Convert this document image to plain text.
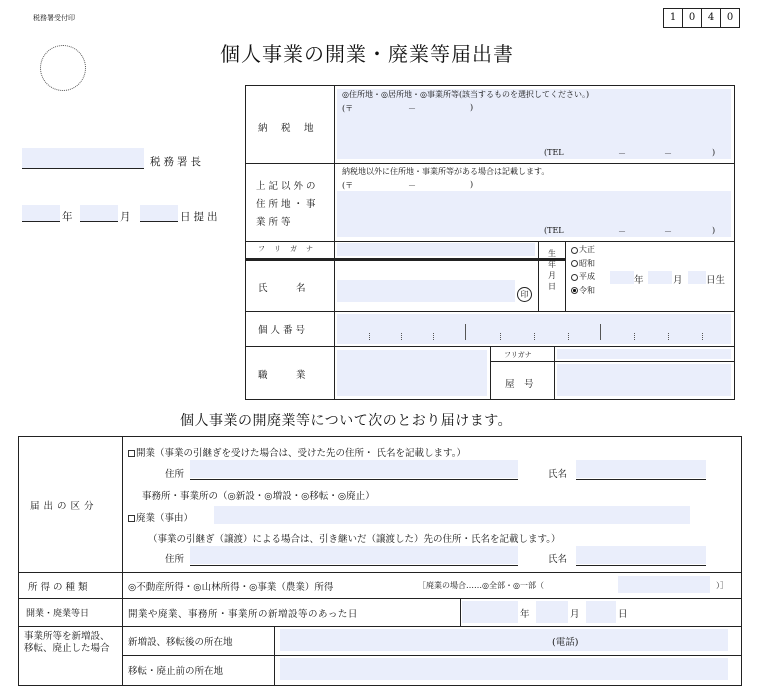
税務署受付印	1	0	4	0
個人事業の開業・廃業等届出書
税務署長
年	月	日提出
納　税　地
◎住所地・◎居所地・◎事業所等(該当するものを選択してください。)
(〒	－	)
(TEL	－	－	)
上記以外の住所地・事業所等
納税地以外に住所地・事業所等がある場合は記載します。
(〒	－	)
(TEL	－	－	)
フ　リ　ガ　ナ
氏　　　名
印
生年月日
大正
昭和
平成
令和
年	月 日生
個人番号
職　　　業
フリガナ
屋　号
個人事業の開廃業等について次のとおり届けます。
届出の区分
開業（事業の引継ぎを受けた場合は、受けた先の住所・ 氏名を記載します。）
住所	氏名
事務所・事業所の（◎新設・◎増設・◎移転・◎廃止）
廃業（事由）
（事業の引継ぎ（譲渡）による場合は、引き継いだ（譲渡した）先の住所・氏名を記載します。）
住所	氏名
所得の種類	◎不動産所得・◎山林所得・◎事業（農業）所得	［廃業の場合……◎全部・◎一部（	）］
開業・廃業等日	開業や廃業、事務所・事業所の新増設等のあった日	年	月	日
事業所等を新増設、移転、廃止した場合
新増設、移転後の所在地	(電話)
移転・廃止前の所在地
